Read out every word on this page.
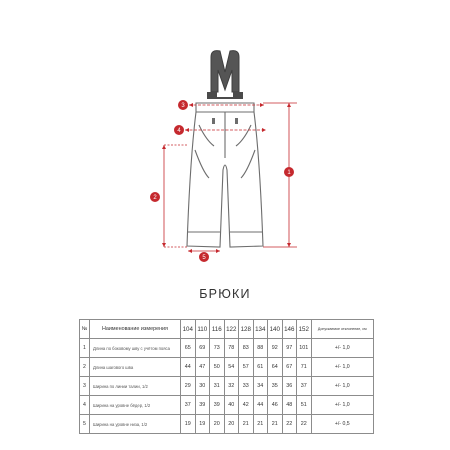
1
2
3
4
5
БРЮКИ
№	Наименование измерения	104	110	116	122	128	134	140	146	152	Допускаемое отклонение, см
1	Длина по боковому шву с учётом пояса	65	69	73	78	83	88	92	97	101	+/- 1,0
2	Длина шагового шва	44	47	50	54	57	61	64	67	71	+/- 1,0
3	Ширина по линии талии, 1/2	29	30	31	32	33	34	35	36	37	+/- 1,0
4	Ширина на уровне бёдер, 1/2	37	39	39	40	42	44	46	48	51	+/- 1,0
5	Ширина на уровне низа, 1/2	19	19	20	20	21	21	21	22	22	+/- 0,5
